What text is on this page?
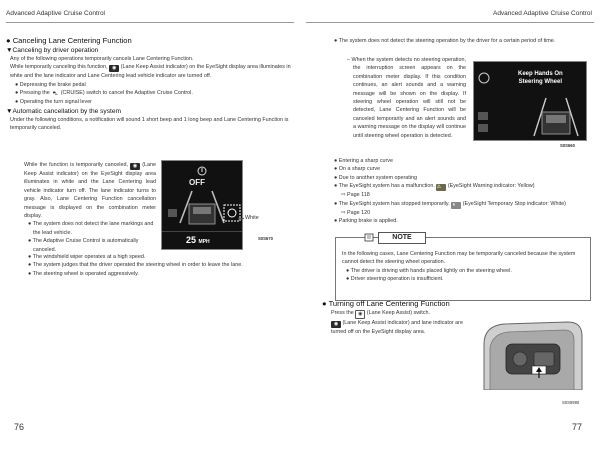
Advanced Adaptive Cruise Control	Advanced Adaptive Cruise Control

● Canceling Lane Centering Function

▼Canceling by driver operation

Any of the following operations temporarily cancels Lane Centering Function.

While temporarily canceling this function, ◉ (Lane Keep Assist indicator) on the EyeSight display area illuminates in white and the lane indicator and Lane Centering lead vehicle indicator are turned off.

● Depressing the brake pedal

● Pressing the ⛍ (CRUISE) switch to cancel the Adaptive Cruise Control.

● Operating the turn signal lever

▼Automatic cancellation by the system

Under the following conditions, a notification will sound 1 short beep and 1 long beep and Lane Centering Function is temporarily canceled.

While the function is temporarily canceled, ◉ (Lane Keep Assist indicator) on the EyeSight display area illuminates in white and the Lane Centering lead vehicle indicator turn off. The lane indicator turns to gray. Also, Lane Centering Function cancellation message is displayed on the combination meter display.

● The system does not detect the lane markings and the lead vehicle.

● The Adaptive Cruise Control is automatically canceled.

● The windshield wiper operates at a high speed.

● The system judges that the driver operated the steering wheel in order to leave the lane.

● The steering wheel is operated aggressively.

OFF
25 MPH
White
S0S670

● The system does not detect the steering operation by the driver for a certain period of time.

– When the system detects no steering operation, the interruption screen appears on the combination meter display. If this condition continues, an alert sounds and a warning message will be shown on the display. If steering wheel operation will still not be detected, Lane Centering Function will be canceled temporarily and an alert sounds and a warning message on the display will continue until steering wheel operation is detected.

Keep Hands On
Steering Wheel
S0S660

● Entering a sharp curve

● On a sharp curve

● Due to another system operating

● The EyeSight system has a malfunction. ⚠ (EyeSight Warning indicator: Yellow)

⇨ Page 118

● The EyeSight system has stopped temporarily. ⏸ (EyeSight Temporary Stop indicator: White)

⇨ Page 120

● Parking brake is applied.

NOTE

In the following cases, Lane Centering Function may be temporarily canceled because the system cannot detect the steering wheel operation.

● The driver is driving with hands placed lightly on the steering wheel.

● Driver steering operation is insufficient.

● Turning off Lane Centering Function

Press the ◉ (Lane Keep Assist) switch.

◉ (Lane Keep Assist indicator) and lane indicator are turned off on the EyeSight display area.

S0S9990
76	77
